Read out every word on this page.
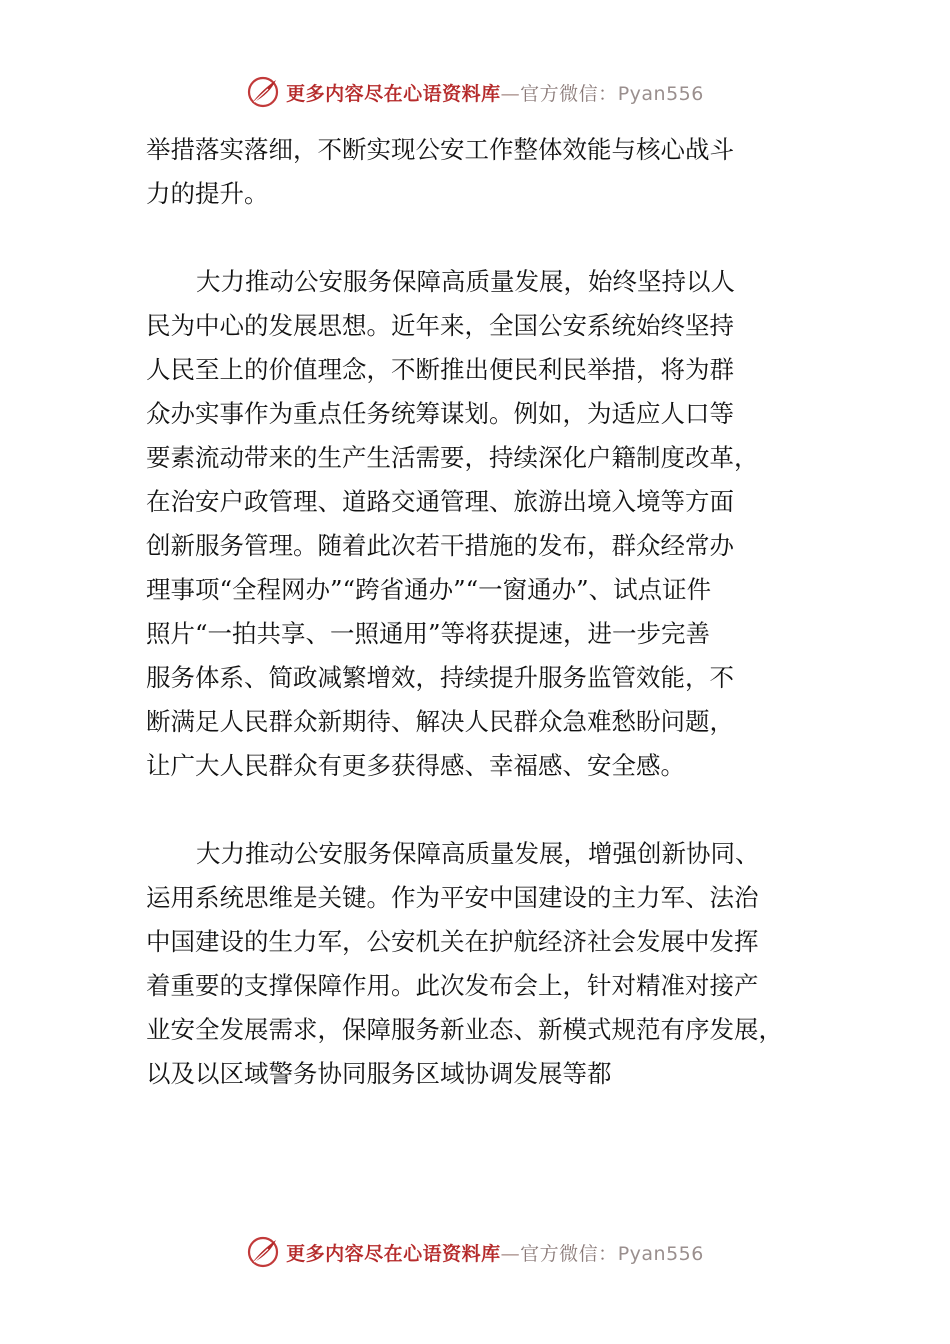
更多内容尽在心语资料库—官方微信：Pyan556

举措落实落细，不断实现公安工作整体效能与核心战斗
力的提升。

大力推动公安服务保障高质量发展，始终坚持以人
民为中心的发展思想。近年来，全国公安系统始终坚持
人民至上的价值理念，不断推出便民利民举措，将为群
众办实事作为重点任务统筹谋划。例如，为适应人口等
要素流动带来的生产生活需要，持续深化户籍制度改革，
在治安户政管理、道路交通管理、旅游出境入境等方面
创新服务管理。随着此次若干措施的发布，群众经常办
理事项“全程网办”“跨省通办”“一窗通办”、试点证件
照片“一拍共享、一照通用”等将获提速，进一步完善
服务体系、简政减繁增效，持续提升服务监管效能，不
断满足人民群众新期待、解决人民群众急难愁盼问题，
让广大人民群众有更多获得感、幸福感、安全感。

大力推动公安服务保障高质量发展，增强创新协同、
运用系统思维是关键。作为平安中国建设的主力军、法治
中国建设的生力军，公安机关在护航经济社会发展中发挥
着重要的支撑保障作用。此次发布会上，针对精准对接产
业安全发展需求，保障服务新业态、新模式规范有序发展，
以及以区域警务协同服务区域协调发展等都

更多内容尽在心语资料库—官方微信：Pyan556
